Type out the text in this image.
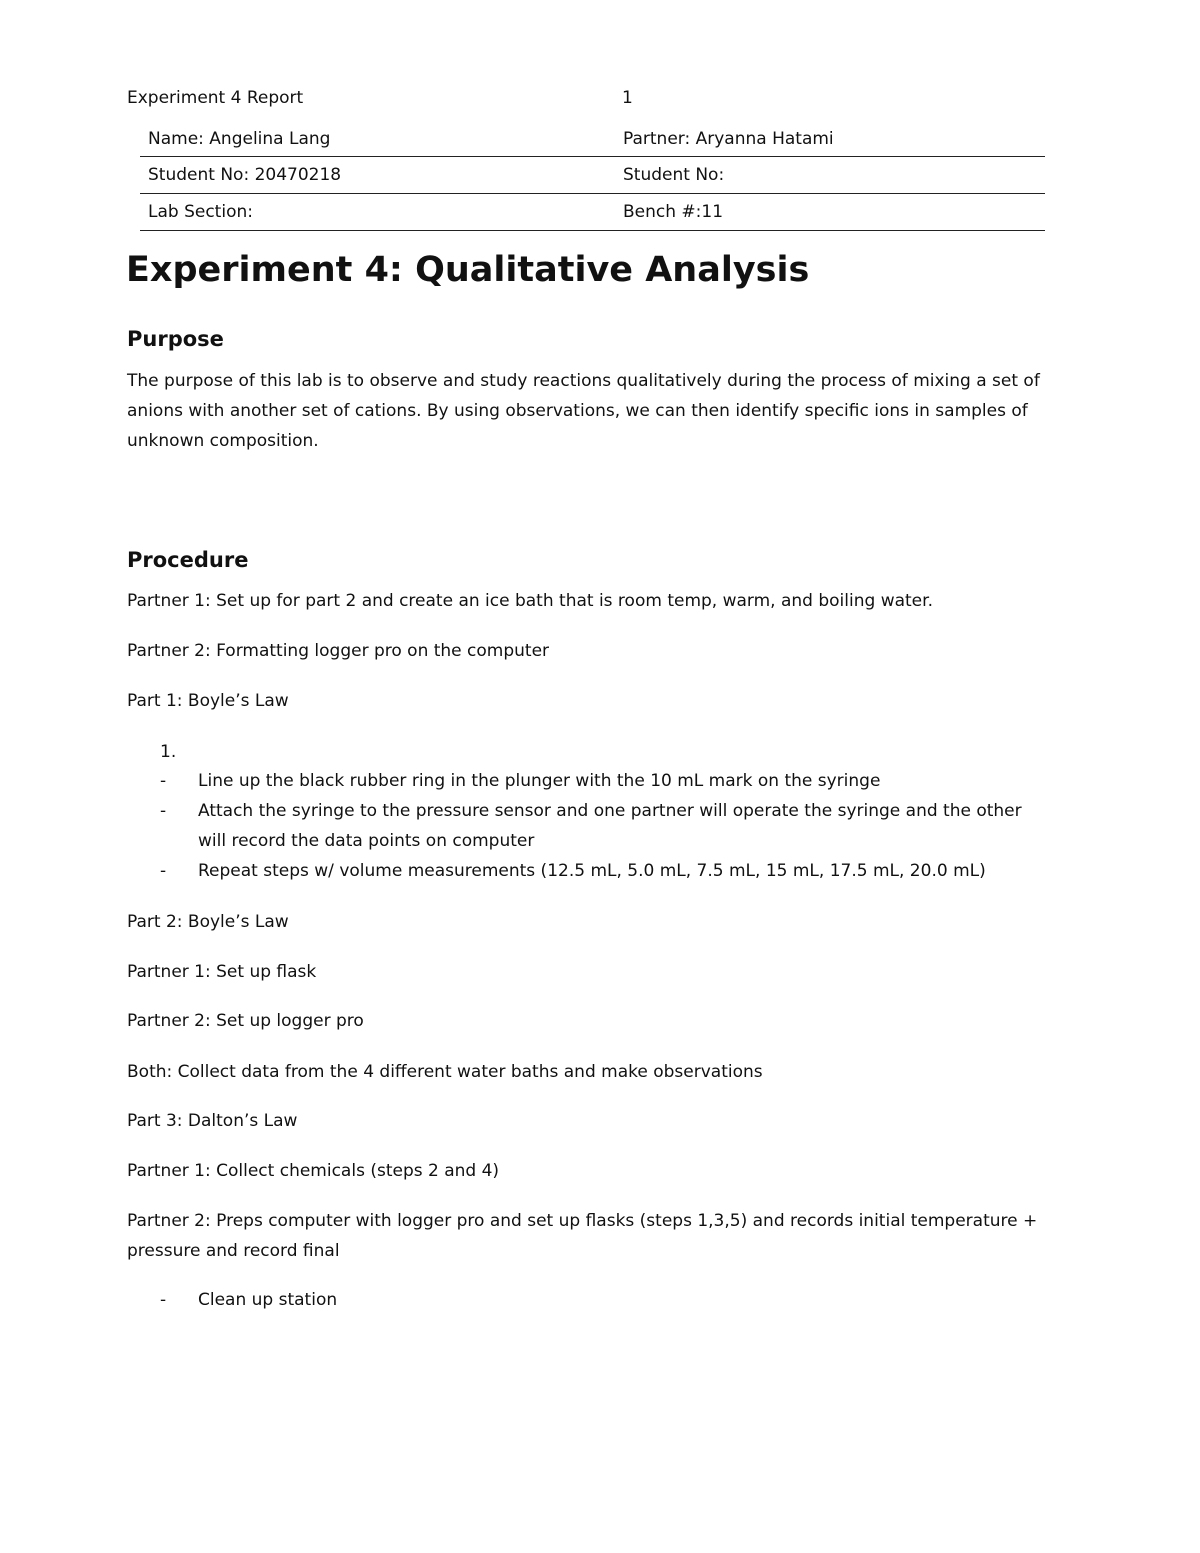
Experiment 4 Report	1
Name: Angelina Lang	Partner: Aryanna Hatami
Student No: 20470218	Student No:
Lab Section:	Bench #:11
Experiment 4: Qualitative Analysis
Purpose

The purpose of this lab is to observe and study reactions qualitatively during the process of mixing a set of anions with another set of cations. By using observations, we can then identify specific ions in samples of unknown composition.

Procedure

Partner 1: Set up for part 2 and create an ice bath that is room temp, warm, and boiling water.

Partner 2: Formatting logger pro on the computer

Part 1: Boyle’s Law

1.
- Line up the black rubber ring in the plunger with the 10 mL mark on the syringe

- Attach the syringe to the pressure sensor and one partner will operate the syringe and the other will record the data points on computer

- Repeat steps w/ volume measurements (12.5 mL, 5.0 mL, 7.5 mL, 15 mL, 17.5 mL, 20.0 mL)

Part 2: Boyle’s Law

Partner 1: Set up flask

Partner 2: Set up logger pro

Both: Collect data from the 4 different water baths and make observations

Part 3: Dalton’s Law

Partner 1: Collect chemicals (steps 2 and 4)

Partner 2: Preps computer with logger pro and set up flasks (steps 1,3,5) and records initial temperature + pressure and record final

- Clean up station
